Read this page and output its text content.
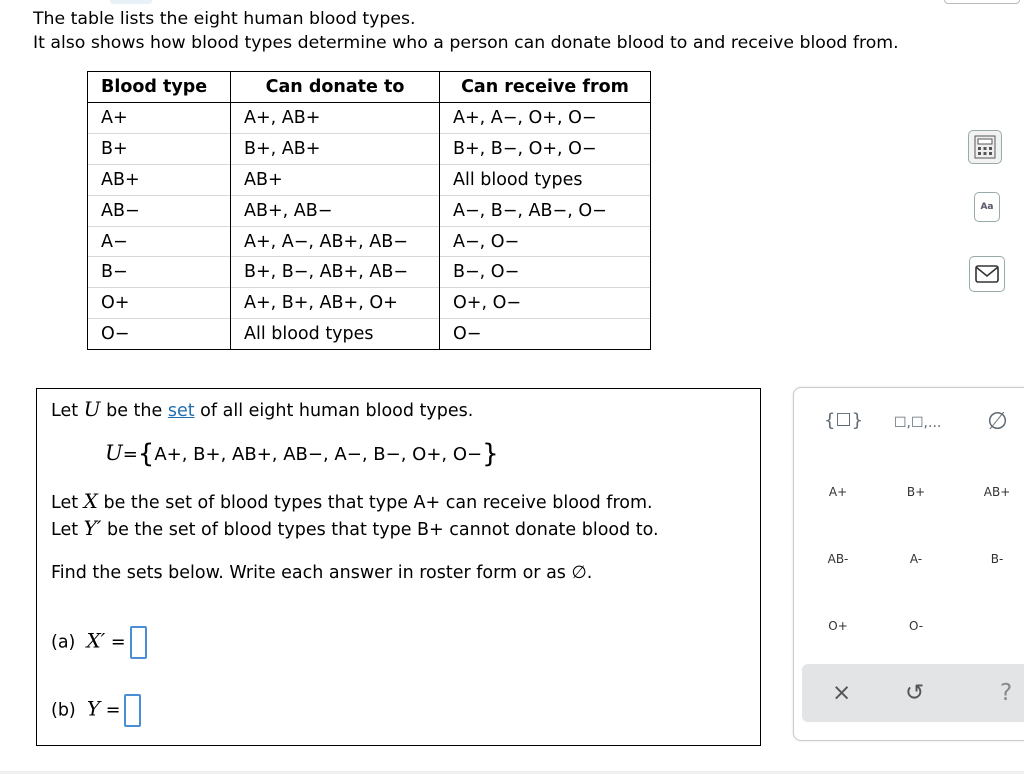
The table lists the eight human blood types.
It also shows how blood types determine who a person can donate blood to and receive blood from.
Blood type	Can donate to	Can receive from
A+	A+, AB+	A+, A−, O+, O−
B+	B+, AB+	B+, B−, O+, O−
AB+	AB+	All blood types
AB−	AB+, AB−	A−, B−, AB−, O−
A−	A+, A−, AB+, AB−	A−, O−
B−	B+, B−, AB+, AB−	B−, O−
O+	A+, B+, AB+, O+	O+, O−
O−	All blood types	O−
Aa
Let U be the set of all eight human blood types.
U={A+, B+, AB+, AB−, A−, B−, O+, O−}
Let X be the set of blood types that type A+ can receive blood from.
Let Y′ be the set of blood types that type B+ cannot donate blood to.
Find the sets below. Write each answer in roster form or as ∅.
(a) X′ =
(b) Y =
{☐} ☐,☐,... ∅
A+	B+	AB+
AB-	A-	B-
O+	O-
× ↺	?
